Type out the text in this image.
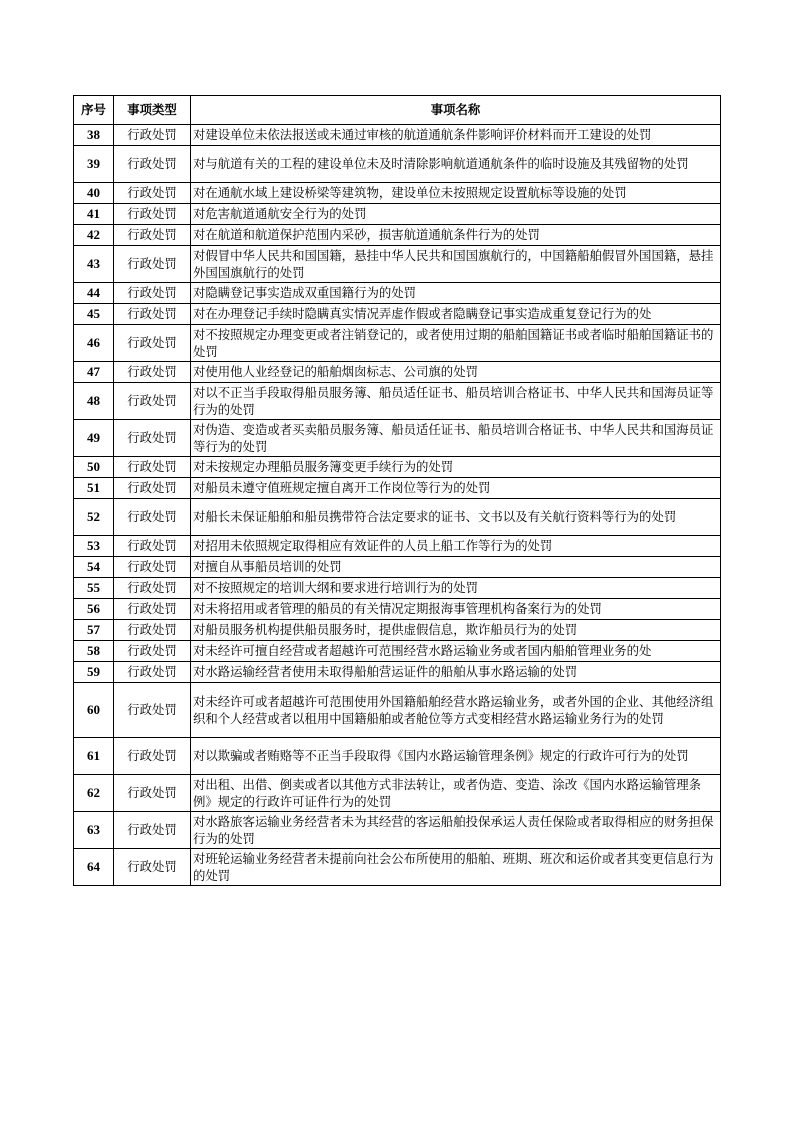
序号	事项类型	事项名称
38	行政处罚	对建设单位未依法报送或未通过审核的航道通航条件影响评价材料而开工建设的处罚
39	行政处罚	对与航道有关的工程的建设单位未及时清除影响航道通航条件的临时设施及其残留物的处罚
40	行政处罚	对在通航水域上建设桥梁等建筑物，建设单位未按照规定设置航标等设施的处罚
41	行政处罚	对危害航道通航安全行为的处罚
42	行政处罚	对在航道和航道保护范围内采砂，损害航道通航条件行为的处罚
43	行政处罚	对假冒中华人民共和国国籍，悬挂中华人民共和国国旗航行的，中国籍船舶假冒外国国籍，悬挂外国国旗航行的处罚
44	行政处罚	对隐瞒登记事实造成双重国籍行为的处罚
45	行政处罚	对在办理登记手续时隐瞒真实情况弄虚作假或者隐瞒登记事实造成重复登记行为的处
46	行政处罚	对不按照规定办理变更或者注销登记的，或者使用过期的船舶国籍证书或者临时船舶国籍证书的处罚
47	行政处罚	对使用他人业经登记的船舶烟囱标志、公司旗的处罚
48	行政处罚	对以不正当手段取得船员服务簿、船员适任证书、船员培训合格证书、中华人民共和国海员证等行为的处罚
49	行政处罚	对伪造、变造或者买卖船员服务簿、船员适任证书、船员培训合格证书、中华人民共和国海员证等行为的处罚
50	行政处罚	对未按规定办理船员服务簿变更手续行为的处罚
51	行政处罚	对船员未遵守值班规定擅自离开工作岗位等行为的处罚
52	行政处罚	对船长未保证船舶和船员携带符合法定要求的证书、文书以及有关航行资料等行为的处罚
53	行政处罚	对招用未依照规定取得相应有效证件的人员上船工作等行为的处罚
54	行政处罚	对擅自从事船员培训的处罚
55	行政处罚	对不按照规定的培训大纲和要求进行培训行为的处罚
56	行政处罚	对未将招用或者管理的船员的有关情况定期报海事管理机构备案行为的处罚
57	行政处罚	对船员服务机构提供船员服务时，提供虚假信息，欺诈船员行为的处罚
58	行政处罚	对未经许可擅自经营或者超越许可范围经营水路运输业务或者国内船舶管理业务的处
59	行政处罚	对水路运输经营者使用未取得船舶营运证件的船舶从事水路运输的处罚
60	行政处罚	对未经许可或者超越许可范围使用外国籍船舶经营水路运输业务，或者外国的企业、其他经济组织和个人经营或者以租用中国籍船舶或者舱位等方式变相经营水路运输业务行为的处罚

61	行政处罚	对以欺骗或者贿赂等不正当手段取得《国内水路运输管理条例》规定的行政许可行为的处罚
62	行政处罚	对出租、出借、倒卖或者以其他方式非法转让，或者伪造、变造、涂改《国内水路运输管理条例》规定的行政许可证件行为的处罚
63	行政处罚	对水路旅客运输业务经营者未为其经营的客运船舶投保承运人责任保险或者取得相应的财务担保行为的处罚
64	行政处罚	对班轮运输业务经营者未提前向社会公布所使用的船舶、班期、班次和运价或者其变更信息行为的处罚
